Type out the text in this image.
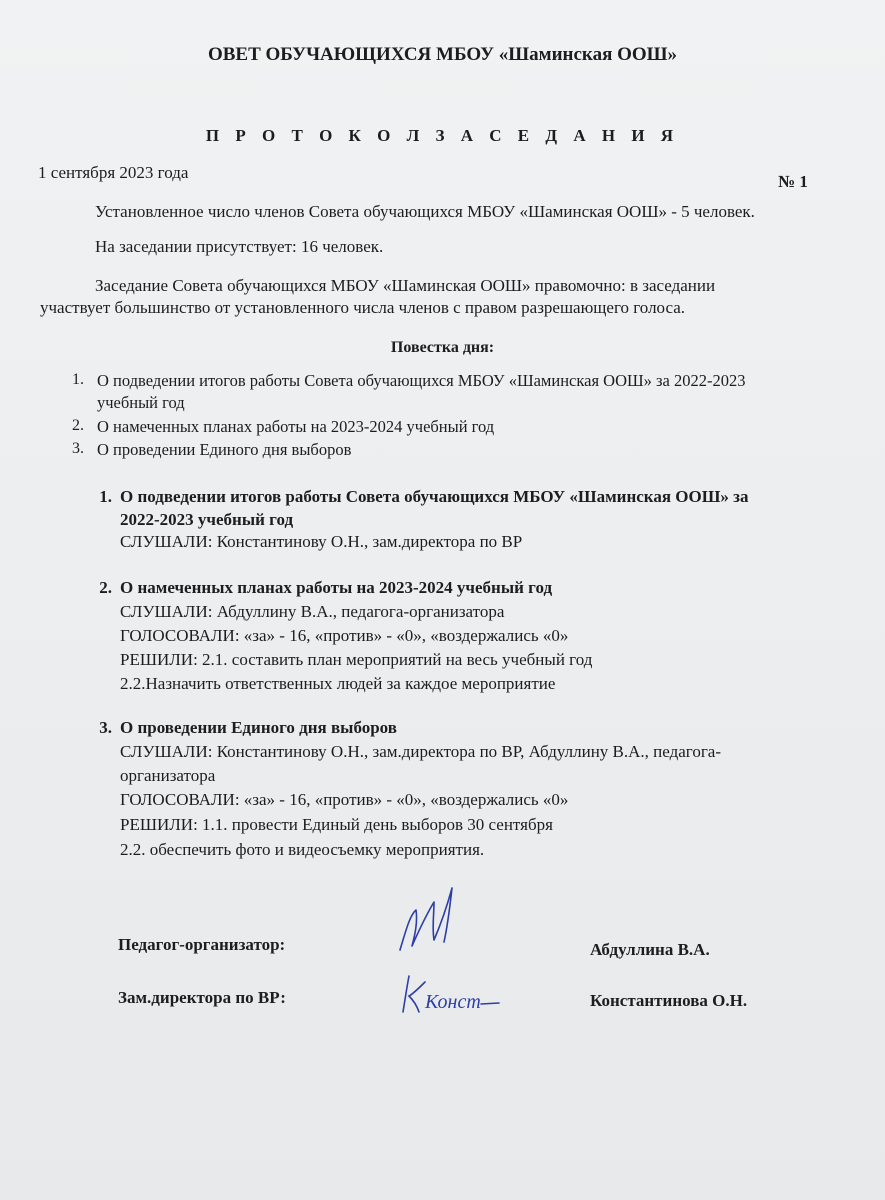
ОВЕТ ОБУЧАЮЩИХСЯ МБОУ «Шаминская ООШ»
П Р О Т О К О Л З А С Е Д А Н И Я
1 сентября 2023 года	№ 1
Установленное число членов Совета обучающихся МБОУ «Шаминская ООШ» - 5 человек.
На заседании присутствует: 16 человек.
Заседание Совета обучающихся МБОУ «Шаминская ООШ» правомочно: в заседании
участвует большинство от установленного числа членов с правом разрешающего голоса.
Повестка дня:
1. О подведении итогов работы Совета обучающихся МБОУ «Шаминская ООШ» за 2022-2023
учебный год
2. О намеченных планах работы на 2023-2024 учебный год
3. О проведении Единого дня выборов
1. О подведении итогов работы Совета обучающихся МБОУ «Шаминская ООШ» за
2022-2023 учебный год
СЛУШАЛИ: Константинову О.Н., зам.директора по ВР
2. О намеченных планах работы на 2023-2024 учебный год
СЛУШАЛИ: Абдуллину В.А., педагога-организатора
ГОЛОСОВАЛИ: «за» - 16, «против» - «0», «воздержались «0»
РЕШИЛИ: 2.1. составить план мероприятий на весь учебный год
2.2.Назначить ответственных людей за каждое мероприятие
3. О проведении Единого дня выборов
СЛУШАЛИ: Константинову О.Н., зам.директора по ВР, Абдуллину В.А., педагога-
организатора
ГОЛОСОВАЛИ: «за» - 16, «против» - «0», «воздержались «0»
РЕШИЛИ: 1.1. провести Единый день выборов 30 сентября
2.2. обеспечить фото и видеосъемку мероприятия.
Педагог-организатор:	Абдуллина В.А.
Зам.директора по ВР:	Константинова О.Н.
Конст
